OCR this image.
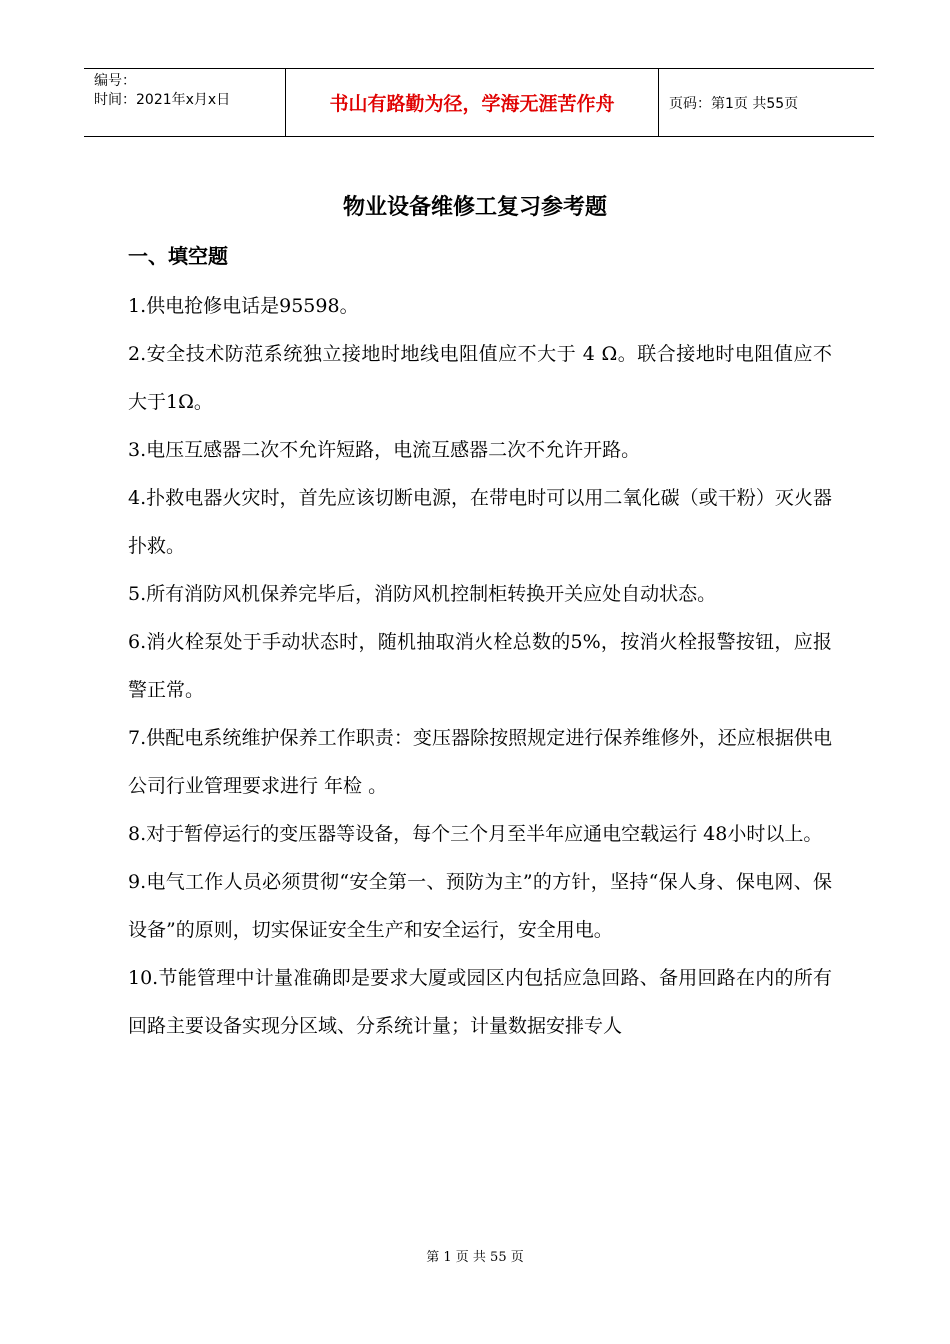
编号：
时间：2021年x月x日	书山有路勤为径，学海无涯苦作舟	页码：第1页 共55页
物业设备维修工复习参考题
一、填空题

1.供电抢修电话是95598。

2.安全技术防范系统独立接地时地线电阻值应不大于 4 Ω。联合接地时电阻值应不大于1Ω。

3.电压互感器二次不允许短路，电流互感器二次不允许开路。

4.扑救电器火灾时，首先应该切断电源，在带电时可以用二氧化碳（或干粉）灭火器扑救。

5.所有消防风机保养完毕后，消防风机控制柜转换开关应处自动状态。

6.消火栓泵处于手动状态时，随机抽取消火栓总数的5%，按消火栓报警按钮，应报警正常。

7.供配电系统维护保养工作职责：变压器除按照规定进行保养维修外，还应根据供电公司行业管理要求进行 年检 。

8.对于暂停运行的变压器等设备，每个三个月至半年应通电空载运行 48小时以上。

9.电气工作人员必须贯彻“安全第一、预防为主”的方针，坚持“保人身、保电网、保设备”的原则，切实保证安全生产和安全运行，安全用电。

10.节能管理中计量准确即是要求大厦或园区内包括应急回路、备用回路在内的所有回路主要设备实现分区域、分系统计量；计量数据安排专人

第 1 页 共 55 页
